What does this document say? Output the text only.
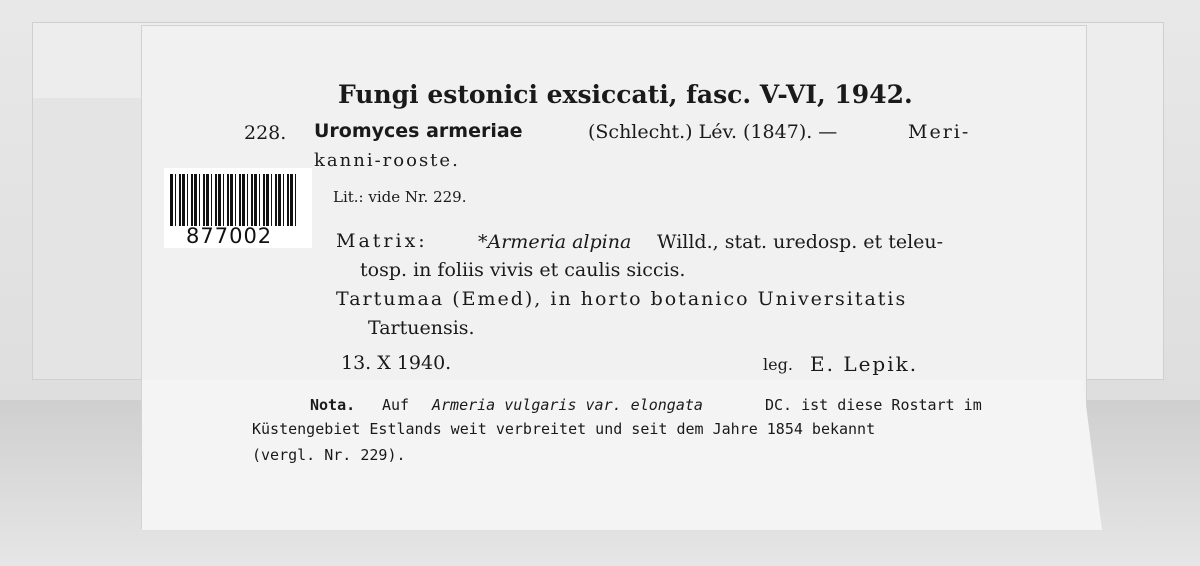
877002
Fungi estonici exsiccati, fasc. V-VI, 1942.
228. Uromyces armeriae	(Schlecht.) Lév. (1847). —	Meri-
kanni-rooste.
Lit.: vide Nr. 229.
Matrix:	*Armeria alpina Willd., stat. uredosp. et teleu-
tosp. in foliis vivis et caulis siccis.
Tartumaa (Emed), in horto botanico Universitatis
Tartuensis.
13. X 1940.	leg. E. Lepik.
Nota. Auf Armeria vulgaris var. elongata	DC. ist diese Rostart im
Küstengebiet Estlands weit verbreitet und seit dem Jahre 1854 bekannt
(vergl. Nr. 229).
